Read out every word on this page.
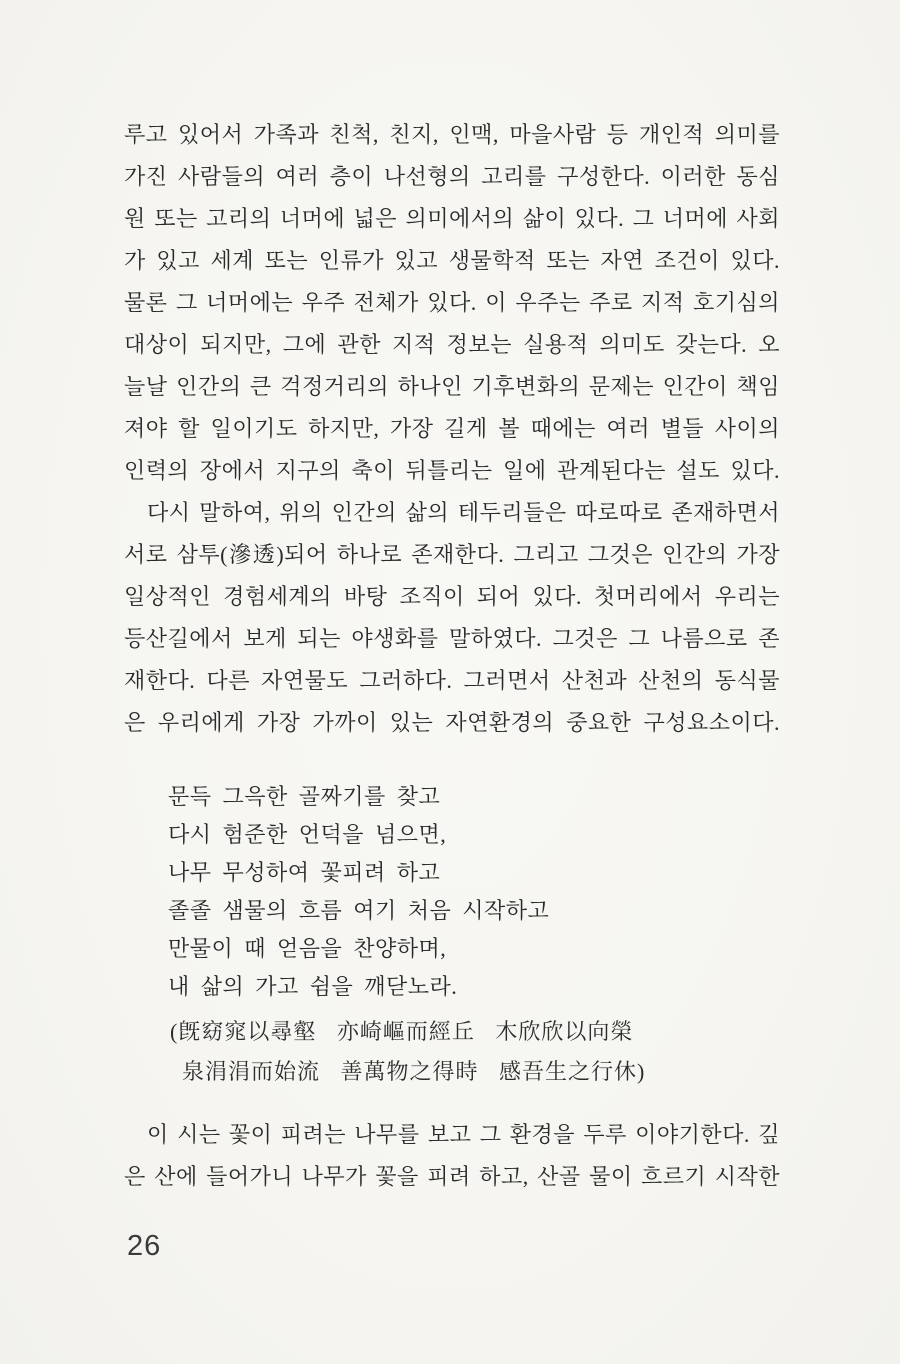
루고 있어서 가족과 친척, 친지, 인맥, 마을사람 등 개인적 의미를
가진 사람들의 여러 층이 나선형의 고리를 구성한다. 이러한 동심
원 또는 고리의 너머에 넓은 의미에서의 삶이 있다. 그 너머에 사회
가 있고 세계 또는 인류가 있고 생물학적 또는 자연 조건이 있다.
물론 그 너머에는 우주 전체가 있다. 이 우주는 주로 지적 호기심의
대상이 되지만, 그에 관한 지적 정보는 실용적 의미도 갖는다. 오
늘날 인간의 큰 걱정거리의 하나인 기후변화의 문제는 인간이 책임
져야 할 일이기도 하지만, 가장 길게 볼 때에는 여러 별들 사이의
인력의 장에서 지구의 축이 뒤틀리는 일에 관계된다는 설도 있다.
다시 말하여, 위의 인간의 삶의 테두리들은 따로따로 존재하면서
서로 삼투(滲透)되어 하나로 존재한다. 그리고 그것은 인간의 가장
일상적인 경험세계의 바탕 조직이 되어 있다. 첫머리에서 우리는
등산길에서 보게 되는 야생화를 말하였다. 그것은 그 나름으로 존
재한다. 다른 자연물도 그러하다. 그러면서 산천과 산천의 동식물
은 우리에게 가장 가까이 있는 자연환경의 중요한 구성요소이다.
문득 그윽한 골짜기를 찾고
다시 험준한 언덕을 넘으면,
나무 무성하여 꽃피려 하고
졸졸 샘물의 흐름 여기 처음 시작하고
만물이 때 얻음을 찬양하며,
내 삶의 가고 쉼을 깨닫노라.
(旣窈窕以尋壑 亦崎嶇而經丘 木欣欣以向榮
泉涓涓而始流 善萬物之得時 感吾生之行休)
이 시는 꽃이 피려는 나무를 보고 그 환경을 두루 이야기한다. 깊
은 산에 들어가니 나무가 꽃을 피려 하고, 산골 물이 흐르기 시작한
26
